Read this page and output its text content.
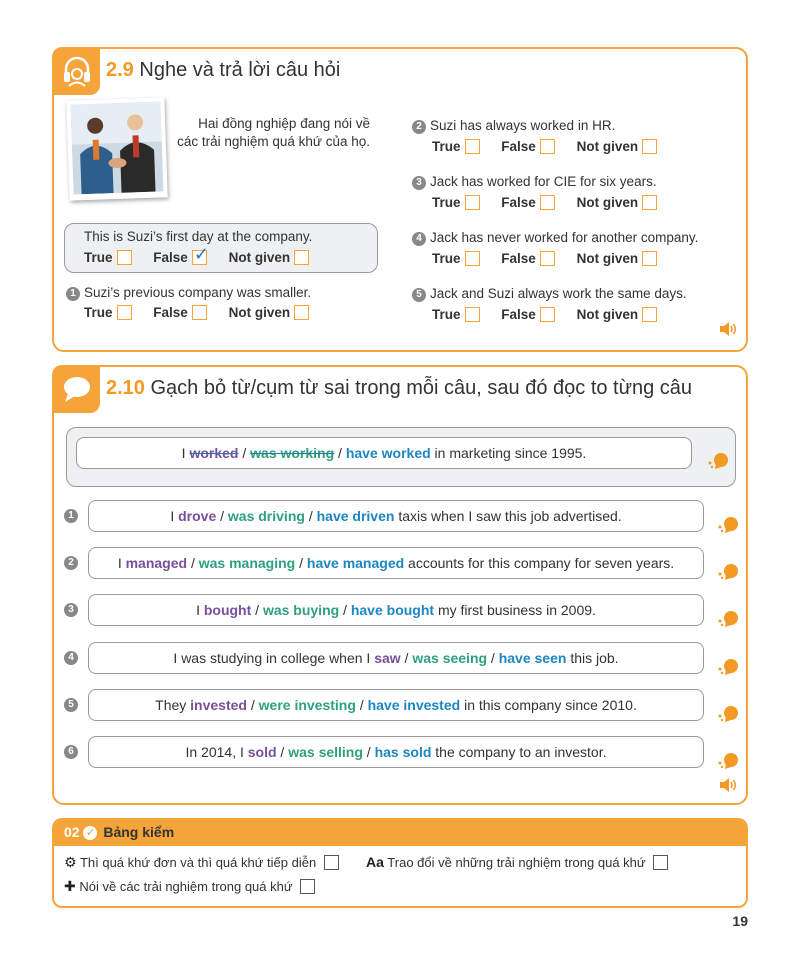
2.9 Nghe và trả lời câu hỏi
Hai đồng nghiệp đang nói về
các trải nghiệm quá khứ của họ.
This is Suzi’s first day at the company.
True	False ✓ Not given
1 Suzi’s previous company was smaller.
True	False	Not given
2 Suzi has always worked in HR.
True	False	Not given
3 Jack has worked for CIE for six years.
True	False	Not given
4 Jack has never worked for another company.
True	False	Not given
5 Jack and Suzi always work the same days.
True	False	Not given
2.10 Gạch bỏ từ/cụm từ sai trong mỗi câu, sau đó đọc to từng câu
I worked / was working / have worked in marketing since 1995.
1	I drove / was driving / have driven taxis when I saw this job advertised.
2	I managed / was managing / have managed accounts for this company for seven years.
3	I bought / was buying / have bought my first business in 2009.
4	I was studying in college when I saw / was seeing / have seen this job.
5	They invested / were investing / have invested in this company since 2010.
6	In 2014, I sold / was selling / has sold the company to an investor.
02 ✓ Bảng kiểm
⚙ Thì quá khứ đơn và thì quá khứ tiếp diễn	Aa Trao đổi về những trải nghiệm trong quá khứ
✚ Nói về các trải nghiệm trong quá khứ
19
